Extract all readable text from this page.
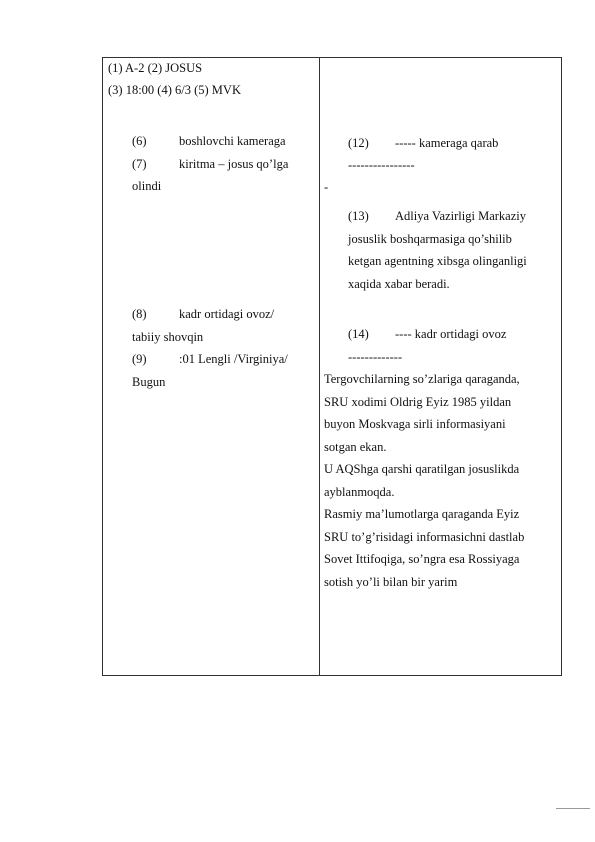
(1) A-2 (2) JOSUS
(3) 18:00 (4) 6/3 (5) MVK
(6)	boshlovchi kameraga
(7)	kiritma – josus qo’lga
olindi
(8)	kadr ortidagi ovoz/
tabiiy shovqin
(9)	:01 Lengli /Virginiya/
Bugun
(12) ----- kameraga qarab
----------------
-
(13) Adliya Vazirligi Markaziy
josuslik boshqarmasiga qo’shilib
ketgan agentning xibsga olinganligi
xaqida xabar beradi.
(14) ---- kadr ortidagi ovoz
-------------
Tergovchilarning so’zlariga qaraganda,
SRU xodimi Oldrig Eyiz 1985 yildan
buyon Moskvaga sirli informasiyani
sotgan ekan.
U AQShga qarshi qaratilgan josuslikda
ayblanmoqda.
Rasmiy ma’lumotlarga qaraganda Eyiz
SRU to’g’risidagi informasichni dastlab
Sovet Ittifoqiga, so’ngra esa Rossiyaga
sotish yo’li bilan bir yarim
